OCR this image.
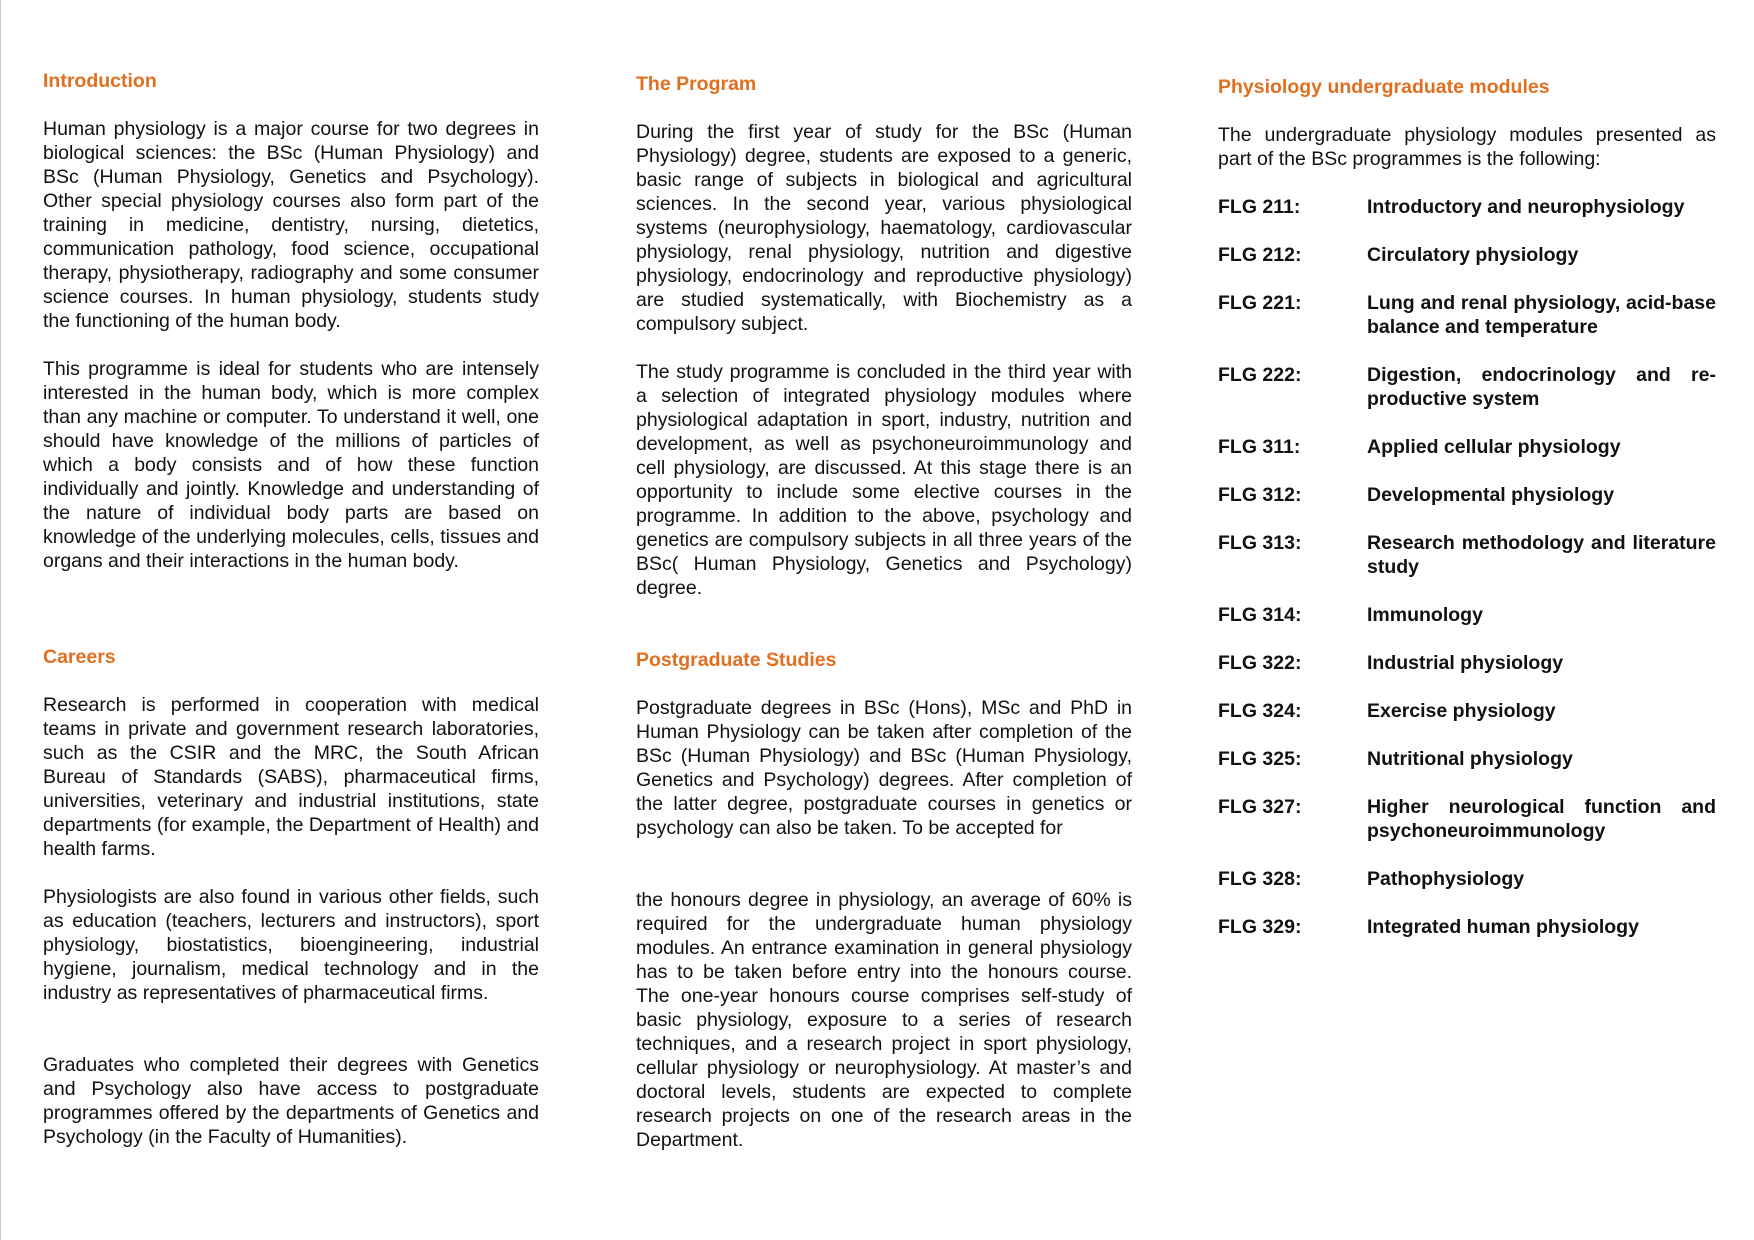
Introduction

Human physiology is a major course for two degrees in biological sciences: the BSc (Human Physiology) and BSc (Human Physiology, Genetics and Psychology). Other special physiology courses also form part of the training in medicine, dentistry, nursing, dietetics, communication pathology, food science, occupational therapy, physiotherapy, radiography and some consumer science courses. In human physiology, students study the functioning of the human body.

This programme is ideal for students who are intensely interested in the human body, which is more complex than any machine or computer. To understand it well, one should have knowledge of the millions of particles of which a body consists and of how these function individually and jointly. Knowledge and understanding of the nature of individual body parts are based on knowledge of the underlying molecules, cells, tissues and organs and their interactions in the human body.

Careers

Research is performed in cooperation with medical teams in private and government research laboratories, such as the CSIR and the MRC, the South African Bureau of Standards (SABS), pharmaceutical firms, universities, veterinary and industrial institutions, state departments (for example, the Department of Health) and health farms.

Physiologists are also found in various other fields, such as education (teachers, lecturers and instructors), sport physiology, biostatistics, bioengineering, industrial hygiene, journalism, medical technology and in the industry as representatives of pharmaceutical firms.

Graduates who completed their degrees with Genetics and Psychology also have access to postgraduate programmes offered by the departments of Genetics and Psychology (in the Faculty of Humanities).

The Program

During the first year of study for the BSc (Human Physiology) degree, students are exposed to a generic, basic range of subjects in biological and agricultural sciences. In the second year, various physiological systems (neurophysiology, haematology, cardiovascular physiology, renal physiology, nutrition and digestive physiology, endocrinology and reproductive physiology) are studied systematically, with Biochemistry as a compulsory subject.

The study programme is concluded in the third year with a selection of integrated physiology modules where physiological adaptation in sport, industry, nutrition and development, as well as psychoneuroimmunology and cell physiology, are discussed. At this stage there is an opportunity to include some elective courses in the programme. In addition to the above, psychology and genetics are compulsory subjects in all three years of the BSc( Human Physiology, Genetics and Psychology) degree.

Postgraduate Studies

Postgraduate degrees in BSc (Hons), MSc and PhD in Human Physiology can be taken after completion of the BSc (Human Physiology) and BSc (Human Physiology, Genetics and Psychology) degrees. After completion of the latter degree, postgraduate courses in genetics or psychology can also be taken. To be accepted for

the honours degree in physiology, an average of 60% is required for the undergraduate human physiology modules. An entrance examination in general physiology has to be taken before entry into the honours course. The one-year honours course comprises self-study of basic physiology, exposure to a series of research techniques, and a research project in sport physiology, cellular physiology or neurophysiology. At master’s and doctoral levels, students are expected to complete research projects on one of the research areas in the Department.

Physiology undergraduate modules

The undergraduate physiology modules presented as part of the BSc programmes is the following:

FLG 211:	Introductory and neurophysiology
FLG 212:	Circulatory physiology
FLG 221:	Lung and renal physiology, acid-base balance and temperature
FLG 222:	Digestion, endocrinology and reproductive system
FLG 311:	Applied cellular physiology
FLG 312:	Developmental physiology
FLG 313:	Research methodology and literature study
FLG 314:	Immunology
FLG 322:	Industrial physiology
FLG 324:	Exercise physiology
FLG 325:	Nutritional physiology
FLG 327:	Higher neurological function and psychoneuroimmunology
FLG 328:	Pathophysiology
FLG 329:	Integrated human physiology
